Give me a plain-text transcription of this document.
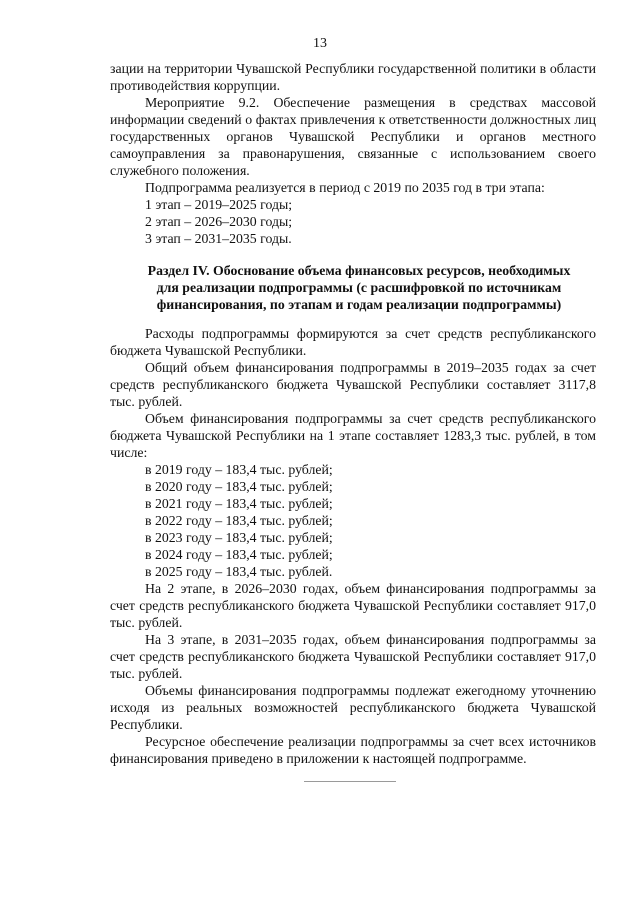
13

зации на территории Чувашской Республики государственной политики в области противодействия коррупции.

Мероприятие 9.2. Обеспечение размещения в средствах массовой информации сведений о фактах привлечения к ответственности должностных лиц государственных органов Чувашской Республики и органов местного самоуправления за правонарушения, связанные с использованием своего служебного положения.

Подпрограмма реализуется в период с 2019 по 2035 год в три этапа:

1 этап – 2019–2025 годы;

2 этап – 2026–2030 годы;

3 этап – 2031–2035 годы.

Раздел IV. Обоснование объема финансовых ресурсов, необходимых для реализации подпрограммы (с расшифровкой по источникам финансирования, по этапам и годам реализации подпрограммы)

Расходы подпрограммы формируются за счет средств республиканского бюджета Чувашской Республики.

Общий объем финансирования подпрограммы в 2019–2035 годах за счет средств республиканского бюджета Чувашской Республики составляет 3117,8 тыс. рублей.

Объем финансирования подпрограммы за счет средств республиканского бюджета Чувашской Республики на 1 этапе составляет 1283,3 тыс. рублей, в том числе:

в 2019 году – 183,4 тыс. рублей;

в 2020 году – 183,4 тыс. рублей;

в 2021 году – 183,4 тыс. рублей;

в 2022 году – 183,4 тыс. рублей;

в 2023 году – 183,4 тыс. рублей;

в 2024 году – 183,4 тыс. рублей;

в 2025 году – 183,4 тыс. рублей.

На 2 этапе, в 2026–2030 годах, объем финансирования подпрограммы за счет средств республиканского бюджета Чувашской Республики составляет 917,0 тыс. рублей.

На 3 этапе, в 2031–2035 годах, объем финансирования подпрограммы за счет средств республиканского бюджета Чувашской Республики составляет 917,0 тыс. рублей.

Объемы финансирования подпрограммы подлежат ежегодному уточнению исходя из реальных возможностей республиканского бюджета Чувашской Республики.

Ресурсное обеспечение реализации подпрограммы за счет всех источников финансирования приведено в приложении к настоящей подпрограмме.
